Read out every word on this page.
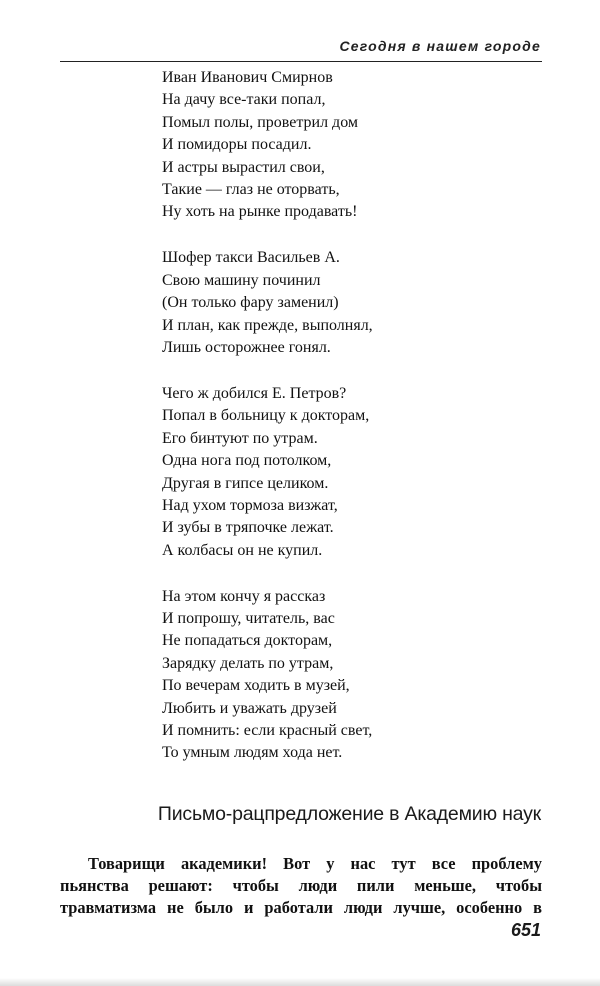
Сегодня в нашем городе
Иван Иванович Смирнов
На дачу все-таки попал,
Помыл полы, проветрил дом
И помидоры посадил.
И астры вырастил свои,
Такие — глаз не оторвать,
Ну хоть на рынке продавать!
Шофер такси Васильев А.
Свою машину починил
(Он только фару заменил)
И план, как прежде, выполнял,
Лишь осторожнее гонял.
Чего ж добился Е. Петров?
Попал в больницу к докторам,
Его бинтуют по утрам.
Одна нога под потолком,
Другая в гипсе целиком.
Над ухом тормоза визжат,
И зубы в тряпочке лежат.
А колбасы он не купил.
На этом кончу я рассказ
И попрошу, читатель, вас
Не попадаться докторам,
Зарядку делать по утрам,
По вечерам ходить в музей,
Любить и уважать друзей
И помнить: если красный свет,
То умным людям хода нет.
Письмо-рацпредложение в Академию наук
Товарищи академики! Вот у нас тут все проблему
пьянства решают: чтобы люди пили меньше, чтобы
травматизма не было и работали люди лучше, особенно в
651
